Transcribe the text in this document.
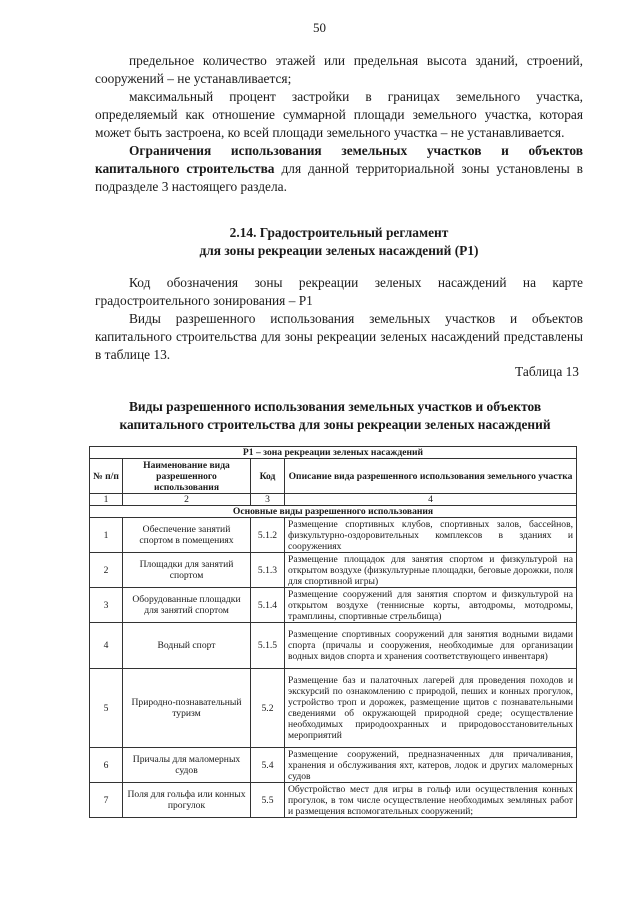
50

предельное количество этажей или предельная высота зданий, строений, сооружений – не устанавливается;

максимальный процент застройки в границах земельного участка, определяемый как отношение суммарной площади земельного участка, которая может быть застроена, ко всей площади земельного участка – не устанавливается.

Ограничения использования земельных участков и объектов капитального строительства для данной территориальной зоны установлены в подразделе 3 настоящего раздела.

2.14. Градостроительный регламент
для зоны рекреации зеленых насаждений (Р1)

Код обозначения зоны рекреации зеленых насаждений на карте градостроительного зонирования – Р1

Виды разрешенного использования земельных участков и объектов капитального строительства для зоны рекреации зеленых насаждений представлены в таблице 13.

Таблица 13
Виды разрешенного использования земельных участков и объектов
капитального строительства для зоны рекреации зеленых насаждений
Р1 – зона рекреации зеленых насаждений			
№ п/п	Наименование вида разрешенного использования	Код	Описание вида разрешенного использования земельного участка
1	2	3	4
Основные виды разрешенного использования			
1	Обеспечение занятий спортом в помещениях	5.1.2	Размещение спортивных клубов, спортивных залов, бассейнов, физкультурно-оздоровительных комплексов в зданиях и сооружениях
2	Площадки для занятий спортом	5.1.3	Размещение площадок для занятия спортом и физкультурой на открытом воздухе (физкультурные площадки, беговые дорожки, поля для спортивной игры)
3	Оборудованные площадки для занятий спортом	5.1.4	Размещение сооружений для занятия спортом и физкультурой на открытом воздухе (теннисные корты, автодромы, мотодромы, трамплины, спортивные стрельбища)
4	Водный спорт	5.1.5	Размещение спортивных сооружений для занятия водными видами спорта (причалы и сооружения, необходимые для организации водных видов спорта и хранения соответствующего инвентаря)
5	Природно-познавательный туризм	5.2	Размещение баз и палаточных лагерей для проведения походов и экскурсий по ознакомлению с природой, пеших и конных прогулок, устройство троп и дорожек, размещение щитов с познавательными сведениями об окружающей природной среде; осуществление необходимых природоохранных и природовосстановительных мероприятий
6	Причалы для маломерных судов	5.4	Размещение сооружений, предназначенных для причаливания, хранения и обслуживания яхт, катеров, лодок и других маломерных судов
7	Поля для гольфа или конных прогулок	5.5	Обустройство мест для игры в гольф или осуществления конных прогулок, в том числе осуществление необходимых земляных работ и размещения вспомогательных сооружений;
